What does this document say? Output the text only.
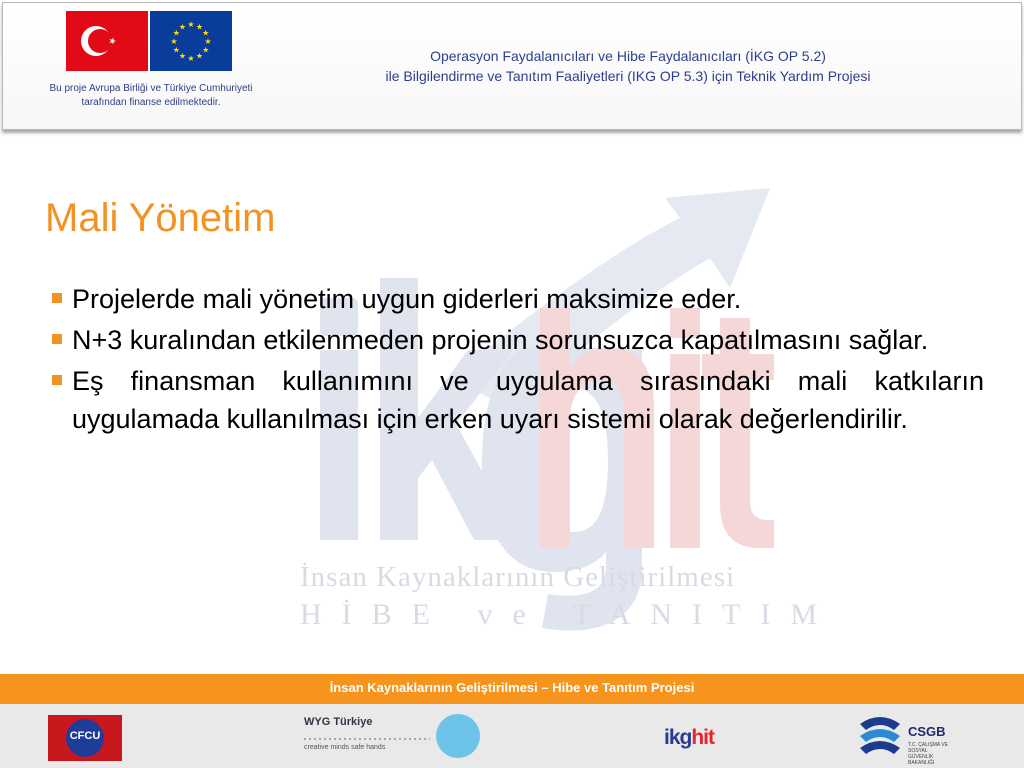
★ ★
★
★
★
★
★
★
★
★
★
★
Bu proje Avrupa Birliği ve Türkiye Cumhuriyeti
tarafından finanse edilmektedir.
Operasyon Faydalanıcıları ve Hibe Faydalanıcıları (İKG OP 5.2)
ile Bilgilendirme ve Tanıtım Faaliyetleri (IKG OP 5.3) için Teknik Yardım Projesi
İnsan Kaynaklarının Geliştirilmesi
HİBE ve TANITIM
Mali Yönetim
Projelerde mali yönetim uygun giderleri maksimize eder.
N+3 kuralından etkilenmeden projenin sorunsuzca kapatılmasını sağlar.
Eş finansman kullanımını ve uygulama sırasındaki mali katkıların uygulamada kullanılması için erken uyarı sistemi olarak değerlendirilir.
İnsan Kaynaklarının Geliştirilmesi – Hibe ve Tanıtım Projesi
CFCU
WYG Türkiye
creative minds safe hands	ikghit	CSGB
T.C. ÇALIŞMA VE SOSYAL GÜVENLİK BAKANLIĞI
